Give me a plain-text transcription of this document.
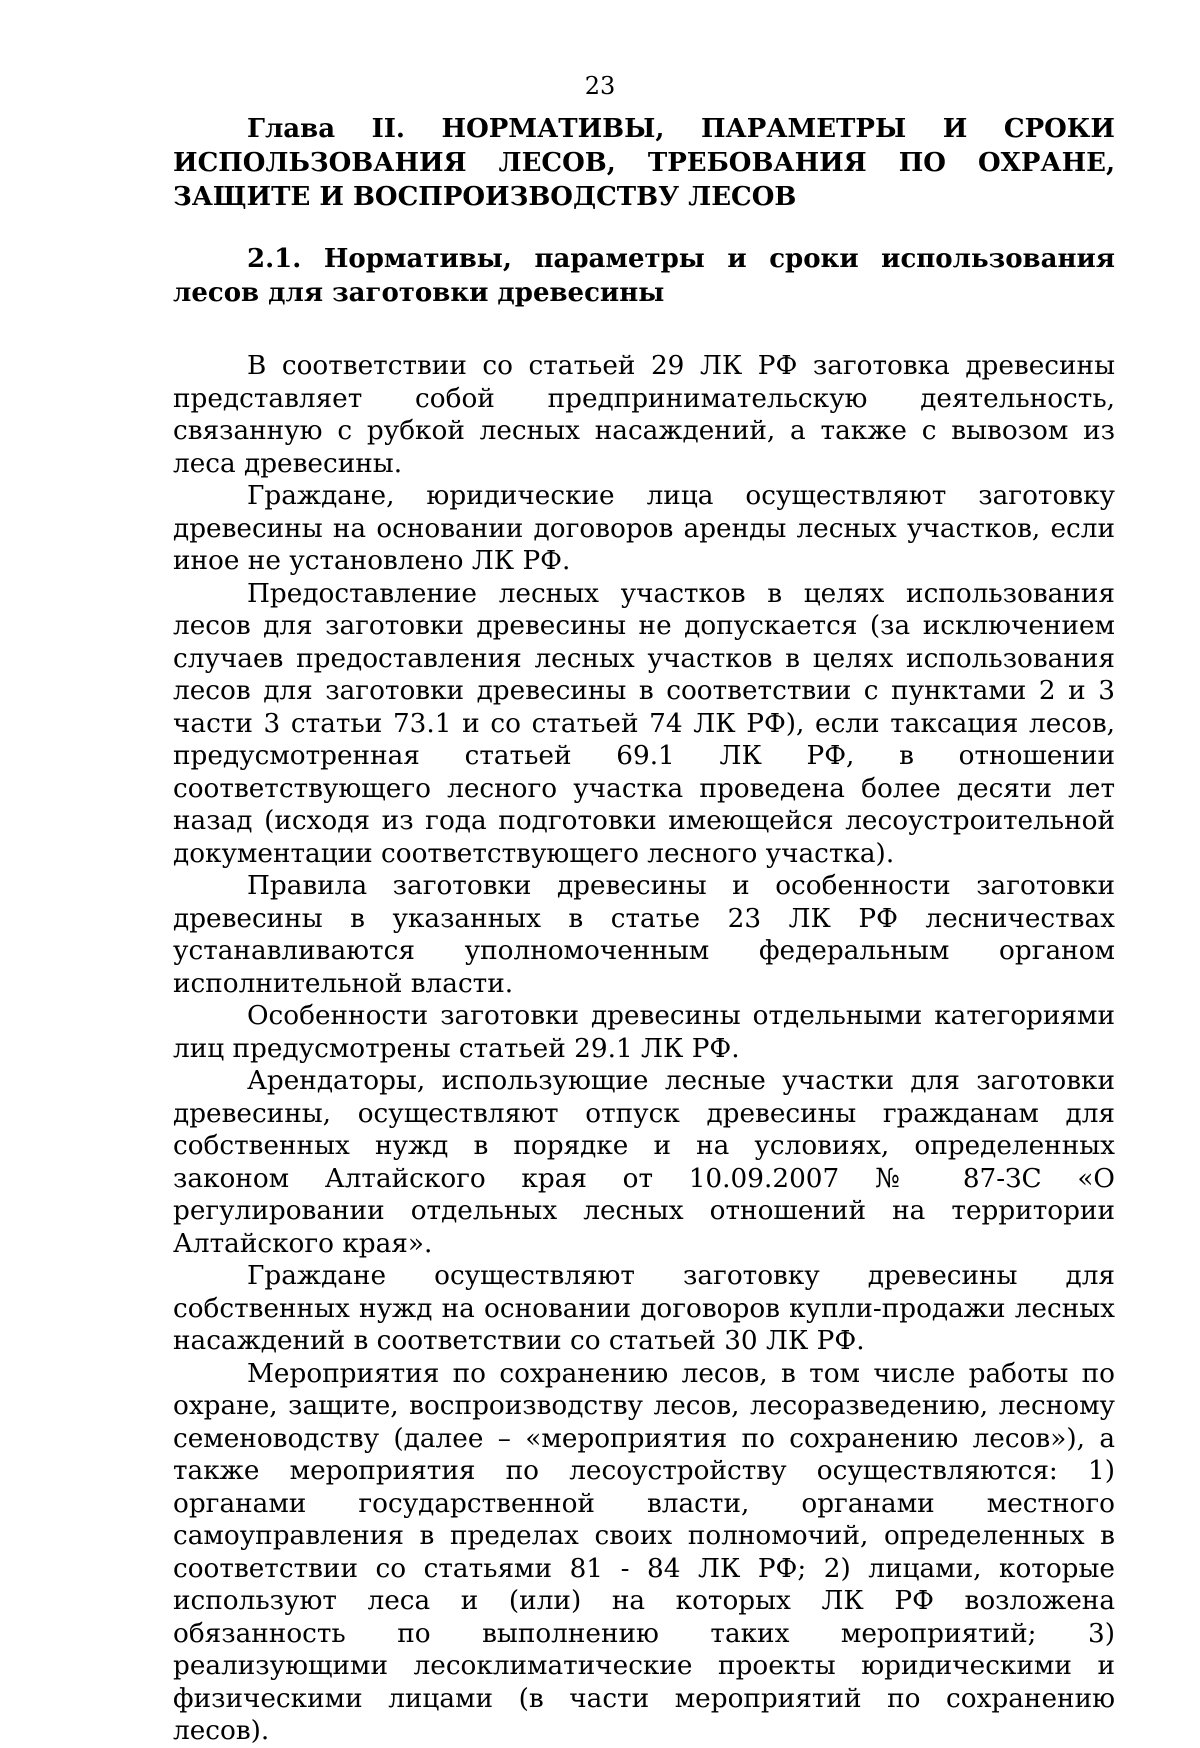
23
Глава II. НОРМАТИВЫ, ПАРАМЕТРЫ И СРОКИ ИСПОЛЬЗОВАНИЯ ЛЕСОВ, ТРЕБОВАНИЯ ПО ОХРАНЕ, ЗАЩИТЕ И ВОСПРОИЗВОДСТВУ ЛЕСОВ
2.1. Нормативы, параметры и сроки использования лесов для заготовки древесины

В соответствии со статьей 29 ЛК РФ заготовка древесины представляет собой предпринимательскую деятельность, связанную с рубкой лесных насаждений, а также с вывозом из леса древесины.

Граждане, юридические лица осуществляют заготовку древесины на основании договоров аренды лесных участков, если иное не установлено ЛК РФ.

Предоставление лесных участков в целях использования лесов для заготовки древесины не допускается (за исключением случаев предоставления лесных участков в целях использования лесов для заготовки древесины в соответствии с пунктами 2 и 3 части 3 статьи 73.1 и со статьей 74 ЛК РФ), если таксация лесов, предусмотренная статьей 69.1 ЛК РФ, в отношении соответствующего лесного участка проведена более десяти лет назад (исходя из года подготовки имеющейся лесоустроительной документации соответствующего лесного участка).

Правила заготовки древесины и особенности заготовки древесины в указанных в статье 23 ЛК РФ лесничествах устанавливаются уполномоченным федеральным органом исполнительной власти.

Особенности заготовки древесины отдельными категориями лиц предусмотрены статьей 29.1 ЛК РФ.

Арендаторы, использующие лесные участки для заготовки древесины, осуществляют отпуск древесины гражданам для собственных нужд в порядке и на условиях, определенных законом Алтайского края от 10.09.2007 № 87-ЗС «О регулировании отдельных лесных отношений на территории Алтайского края».

Граждане осуществляют заготовку древесины для собственных нужд на основании договоров купли-продажи лесных насаждений в соответствии со статьей 30 ЛК РФ.

Мероприятия по сохранению лесов, в том числе работы по охране, защите, воспроизводству лесов, лесоразведению, лесному семеноводству (далее – «мероприятия по сохранению лесов»), а также мероприятия по лесоустройству осуществляются: 1) органами государственной власти, органами местного самоуправления в пределах своих полномочий, определенных в соответствии со статьями 81 - 84 ЛК РФ; 2) лицами, которые используют леса и (или) на которых ЛК РФ возложена обязанность по выполнению таких мероприятий; 3) реализующими лесоклиматические проекты юридическими и физическими лицами (в части мероприятий по сохранению лесов).
